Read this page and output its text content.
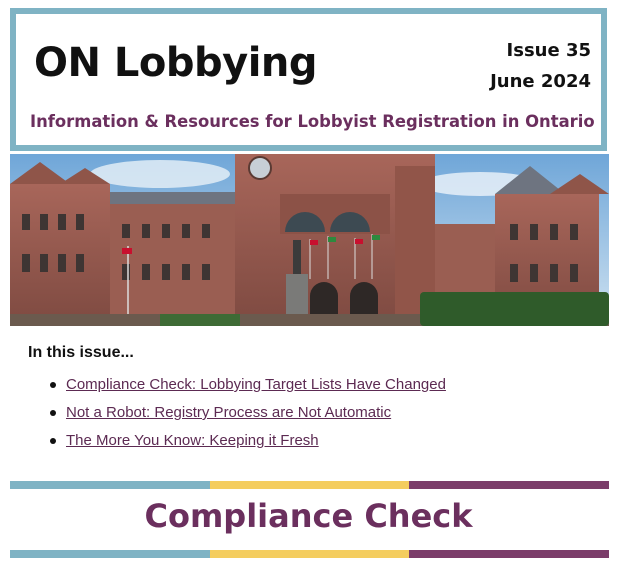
ON Lobbying	Issue 35
June 2024
Information & Resources for Lobbyist Registration in Ontario
In this issue...
Compliance Check: Lobbying Target Lists Have Changed
Not a Robot: Registry Process are Not Automatic
The More You Know: Keeping it Fresh
Compliance Check
